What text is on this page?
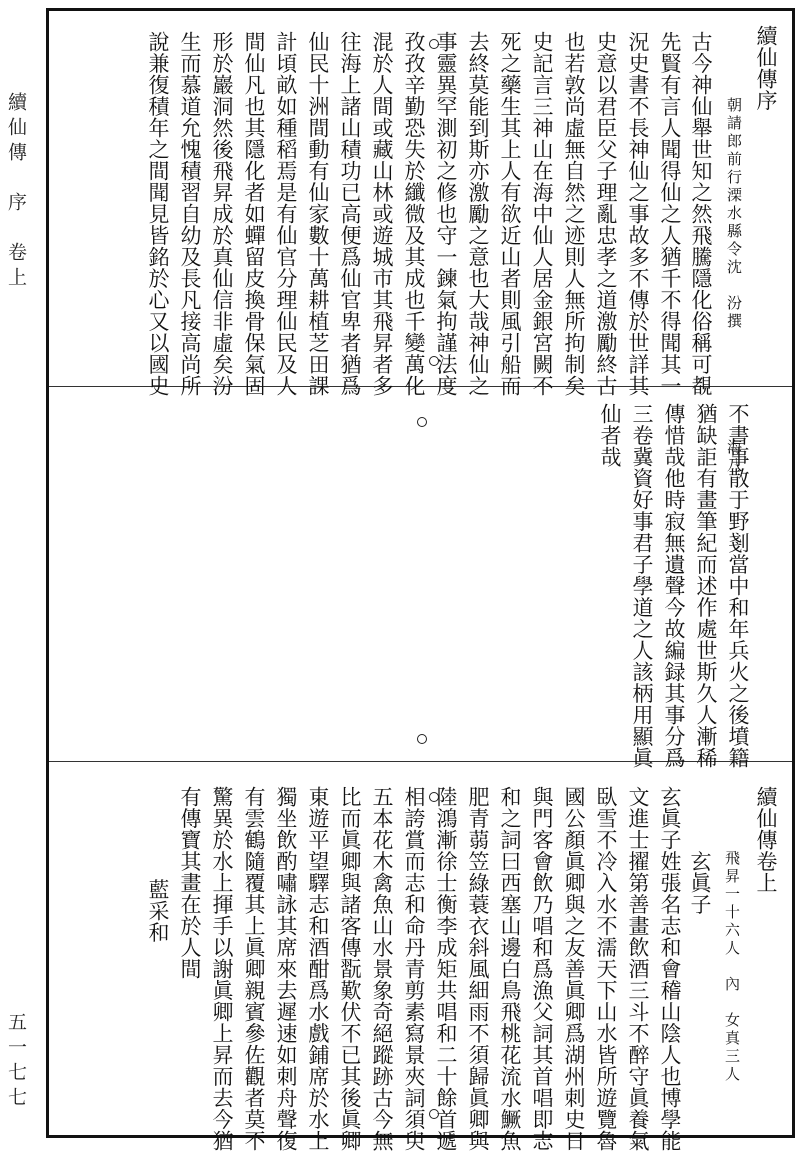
續仙傳　序　卷上
五一七七
續仙傳序
　　朝請郎前行溧水縣令沈　汾撰　　　　　　海八
古今神仙舉世知之然飛騰隱化俗稱可覩
先賢有言人聞得仙之人猶千不得聞其一
況史書不長神仙之事故多不傳於世詳其
史意以君臣父子理亂忠孝之道激勵終古
也若敦尚虛無自然之迹則人無所拘制矣
史記言三神山在海中仙人居金銀宮闕不
死之藥生其上人有欲近山者則風引船而
去終莫能到斯亦激勵之意也大哉神仙之
事靈異罕測初之修也守一鍊氣拘謹法度
孜孜辛勤恐失於纖微及其成也千變萬化
混於人間或藏山林或遊城市其飛昇者多
往海上諸山積功已高便爲仙官卑者猶爲
仙民十洲間動有仙家數十萬耕植芝田課
計頃畝如種稻焉是有仙官分理仙民及人
間仙凡也其隱化者如蟬留皮換骨保氣固
形於巖洞然後飛昇成於真仙信非虛矣汾
生而慕道允愧積習自幼及長凡接高尚所
說兼復積年之間聞見皆銘於心又以國史
不書事散于野剗當中和年兵火之後墳籍
猶缺詎有畫筆紀而述作處世斯久人漸稀
傳惜哉他時寂無遺聲今故編録其事分爲
三卷冀資好事君子學道之人該柄用顯眞
仙者哉
續仙傳卷上
　　飛昇一十六人　內　女真三人
　　　玄眞子
玄眞子姓張名志和會稽山陰人也博學能
文進士擢第善畫飲酒三斗不醉守眞養氣
臥雪不冷入水不濡天下山水皆所遊覽魯
國公顏眞卿與之友善眞卿爲湖州刺史日
與門客會飲乃唱和爲漁父詞其首唱即志
和之詞曰西塞山邊白鳥飛桃花流水鱖魚
肥青蒻笠綠蓑衣斜風細雨不須歸眞卿與
陸鴻漸徐士衡李成矩共唱和二十餘首遞
相誇賞而志和命丹青剪素寫景夾詞須臾
五本花木禽魚山水景象奇絕蹤跡古今無
比而眞卿與諸客傳翫歎伏不已其後眞卿
東遊平望驛志和酒酣爲水戲鋪席於水上
獨坐飲酌嘯詠其席來去遲速如刺舟聲復
有雲鶴隨覆其上眞卿親賓參佐觀者莫不
驚異於水上揮手以謝眞卿上昇而去今猶
有傳寶其畫在於人間
　　　藍采和
